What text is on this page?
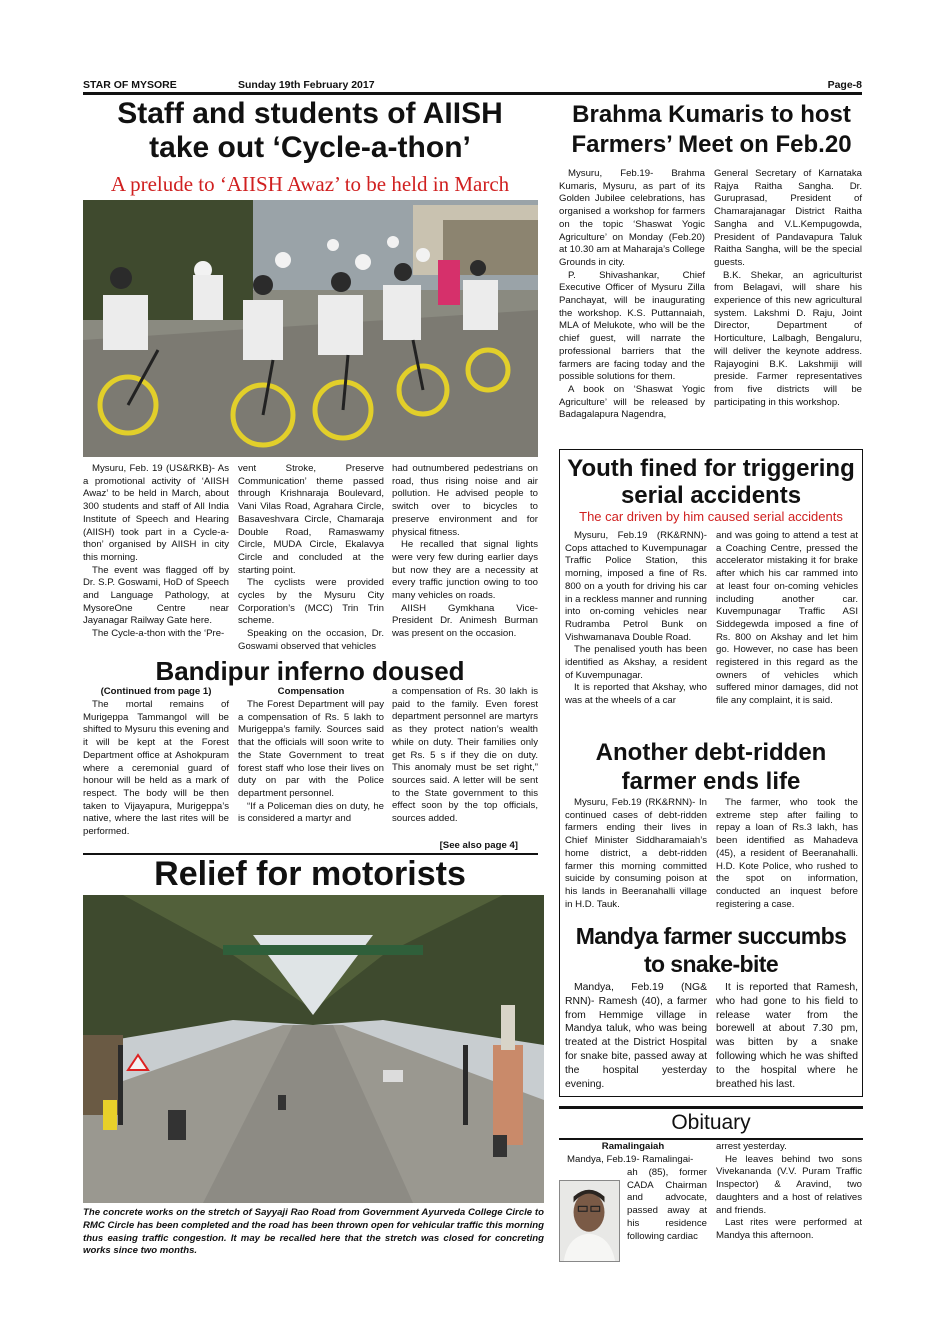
STAR OF MYSORE	Sunday 19th February 2017	Page-8
Staff and students of AIISH
take out ‘Cycle-a-thon’
A prelude to ‘AIISH Awaz’ to be held in March

Mysuru, Feb. 19 (US&RKB)- As a promotional activity of ‘AIISH Awaz’ to be held in March, about 300 students and staff of All India Institute of Speech and Hearing (AIISH) took part in a Cycle-a-thon’ organised by AIISH in city this morning.

The event was flagged off by Dr. S.P. Goswami, HoD of Speech and Language Pathology, at MysoreOne Centre near Jayanagar Railway Gate here.

The Cycle-a-thon with the ‘Pre-

vent Stroke, Preserve Communication’ theme passed through Krishnaraja Boulevard, Vani Vilas Road, Agrahara Circle, Basaveshvara Circle, Chamaraja Double Road, Ramaswamy Circle, MUDA Circle, Ekalavya Circle and concluded at the starting point.

The cyclists were provided cycles by the Mysuru City Corporation’s (MCC) Trin Trin scheme.

Speaking on the occasion, Dr. Goswami observed that vehicles

had outnumbered pedestrians on road, thus rising noise and air pollution. He advised people to switch over to bicycles to preserve environment and for physical fitness.

He recalled that signal lights were very few during earlier days but now they are a necessity at every traffic junction owing to too many vehicles on roads.

AIISH Gymkhana Vice-President Dr. Animesh Burman was present on the occasion.

Bandipur inferno doused
(Continued from page 1)

The mortal remains of Murigeppa Tammangol will be shifted to Mysuru this evening and it will be kept at the Forest Department office at Ashokpuram where a ceremonial guard of honour will be held as a mark of respect. The body will be then taken to Vijayapura, Murigeppa’s native, where the last rites will be performed.

Compensation

The Forest Department will pay a compensation of Rs. 5 lakh to Murigeppa’s family. Sources said that the officials will soon write to the State Government to treat forest staff who lose their lives on duty on par with the Police department personnel.

“If a Policeman dies on duty, he is considered a martyr and

a compensation of Rs. 30 lakh is paid to the family. Even forest department personnel are martyrs as they protect nation’s wealth while on duty. Their families only get Rs. 5 s if they die on duty. This anomaly must be set right,” sources said. A letter will be sent to the State government to this effect soon by the top officials, sources added.

[See also page 4]
Relief for motorists
The concrete works on the stretch of Sayyaji Rao Road from Government Ayurveda College Circle to RMC Circle has been completed and the road has been thrown open for vehicular traffic this morning thus easing traffic congestion. It may be recalled here that the stretch was closed for concreting works since two months.
Brahma Kumaris to host
Farmers’ Meet on Feb.20

Mysuru, Feb.19- Brahma Kumaris, Mysuru, as part of its Golden Jubilee celebrations, has organised a workshop for farmers on the topic ‘Shaswat Yogic Agriculture’ on Monday (Feb.20) at 10.30 am at Maharaja’s College Grounds in city.

P. Shivashankar, Chief Executive Officer of Mysuru Zilla Panchayat, will be inaugurating the workshop. K.S. Puttannaiah, MLA of Melukote, who will be the chief guest, will narrate the professional barriers that the farmers are facing today and the possible solutions for them.

A book on ‘Shaswat Yogic Agriculture’ will be released by Badagalapura Nagendra,

General Secretary of Karnataka Rajya Raitha Sangha. Dr. Guruprasad, President of Chamarajanagar District Raitha Sangha and V.L.Kempugowda, President of Pandavapura Taluk Raitha Sangha, will be the special guests.

B.K. Shekar, an agriculturist from Belagavi, will share his experience of this new agricultural system. Lakshmi D. Raju, Joint Director, Department of Horticulture, Lalbagh, Bengaluru, will deliver the keynote address. Rajayogini B.K. Lakshmiji will preside. Farmer representatives from five districts will be participating in this workshop.

Youth fined for triggering
serial accidents
The car driven by him caused serial accidents

Mysuru, Feb.19 (RK&RNN)- Cops attached to Kuvempunagar Traffic Police Station, this morning, imposed a fine of Rs. 800 on a youth for driving his car in a reckless manner and running into on-coming vehicles near Rudramba Petrol Bunk on Vishwamanava Double Road.

The penalised youth has been identified as Akshay, a resident of Kuvempunagar.

It is reported that Akshay, who was at the wheels of a car

and was going to attend a test at a Coaching Centre, pressed the accelerator mistaking it for brake after which his car rammed into at least four on-coming vehicles including another car. Kuvempunagar Traffic ASI Siddegewda imposed a fine of Rs. 800 on Akshay and let him go. However, no case has been registered in this regard as the owners of vehicles which suffered minor damages, did not file any complaint, it is said.

Another debt-ridden
farmer ends life

Mysuru, Feb.19 (RK&RNN)- In continued cases of debt-ridden farmers ending their lives in Chief Minister Siddharamaiah’s home district, a debt-ridden farmer this morning committed suicide by consuming poison at his lands in Beeranahalli village in H.D. Tauk.

The farmer, who took the extreme step after failing to repay a loan of Rs.3 lakh, has been identified as Mahadeva (45), a resident of Beeranahalli. H.D. Kote Police, who rushed to the spot on information, conducted an inquest before registering a case.

Mandya farmer succumbs
to snake-bite

Mandya, Feb.19 (NG& RNN)- Ramesh (40), a farmer from Hemmige village in Mandya taluk, who was being treated at the District Hospital for snake bite, passed away at the hospital yesterday evening.

It is reported that Ramesh, who had gone to his field to release water from the borewell at about 7.30 pm, was bitten by a snake following which he was shifted to the hospital where he breathed his last.

Obituary
Ramalingaiah
Mandya, Feb.19- Ramalingai-

ah (85), former CADA Chairman and advocate, passed away at his residence following cardiac

arrest yesterday.

He leaves behind two sons Vivekananda (V.V. Puram Traffic Inspector) & Aravind, two daughters and a host of relatives and friends.

Last rites were performed at Mandya this afternoon.
